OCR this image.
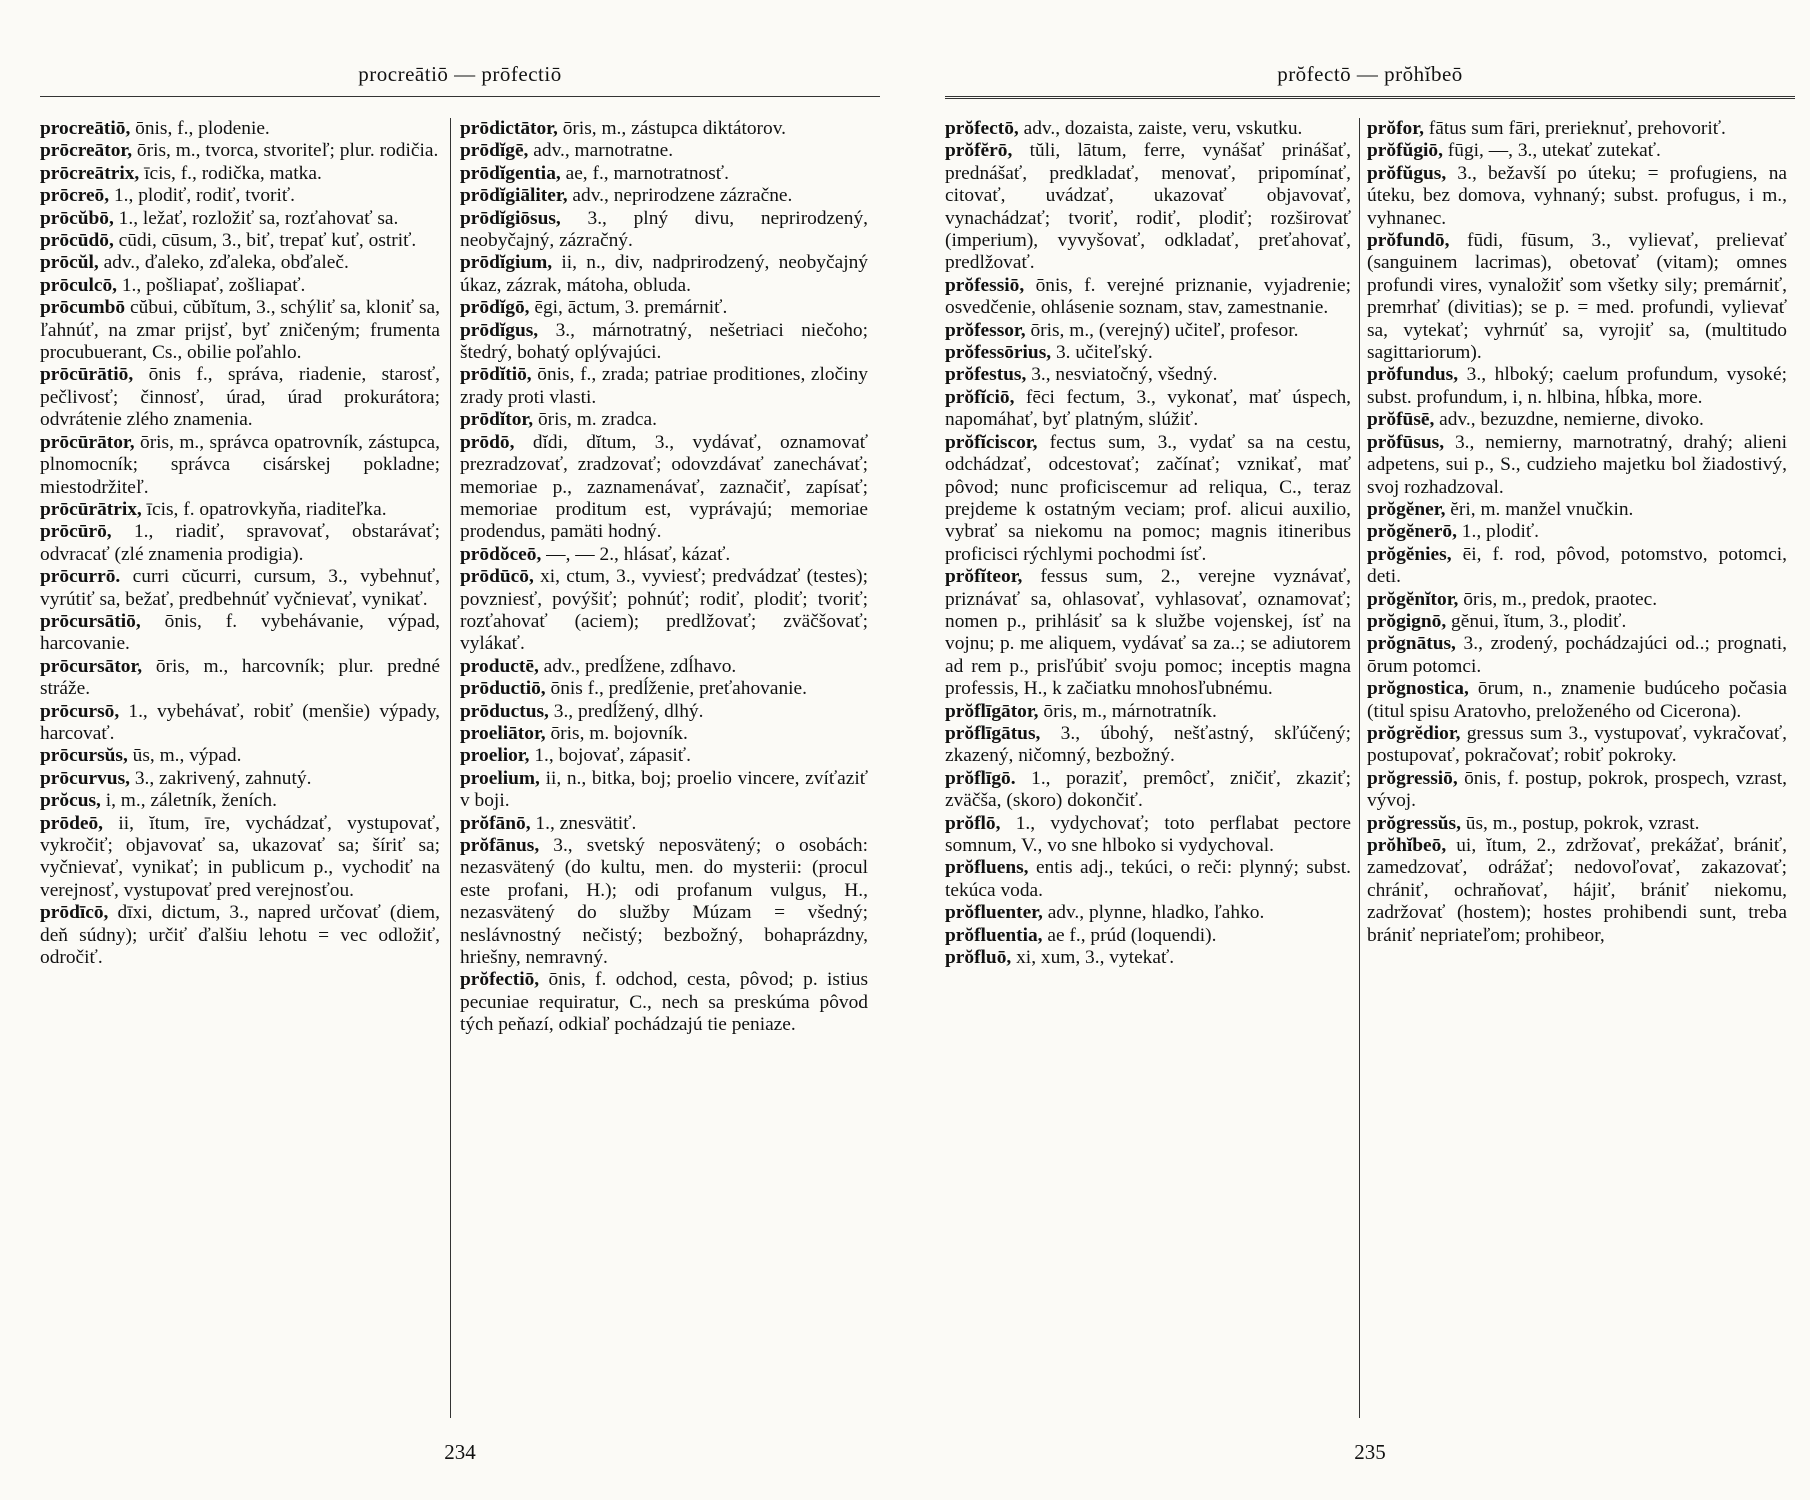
procreātiō — prōfectiō

procreātiō, ōnis, f., plodenie.

prōcreātor, ōris, m., tvorca, stvoriteľ; plur. rodičia.

prōcreātrix, īcis, f., rodička, matka.

prōcreō, 1., plodiť, rodiť, tvoriť.

prōcŭbō, 1., ležať, rozložiť sa, rozťahovať sa.

prōcūdō, cūdi, cūsum, 3., biť, trepať kuť, ostriť.

prōcŭl, adv., ďaleko, zďaleka, obďaleč.

prōculcō, 1., pošliapať, zošliapať.

prōcumbō cŭbui, cŭbĭtum, 3., schýliť sa, kloniť sa, ľahnúť, na zmar prijsť, byť zničeným; frumenta procubuerant, Cs., obilie poľahlo.

prōcūrātiō, ōnis f., správa, riadenie, starosť, pečlivosť; činnosť, úrad, úrad prokurátora; odvrátenie zlého znamenia.

prōcūrātor, ōris, m., správca opatrovník, zástupca, plnomocník; správca cisárskej pokladne; miestodržiteľ.

prōcūrātrix, īcis, f. opatrovkyňa, riaditeľka.

prōcūrō, 1., riadiť, spravovať, obstarávať; odvracať (zlé znamenia prodigia).

prōcurrō. curri cŭcurri, cursum, 3., vybehnuť, vyrútiť sa, bežať, predbehnúť vyčnievať, vynikať.

prōcursātiō, ōnis, f. vybehávanie, výpad, harcovanie.

prōcursātor, ōris, m., harcovník; plur. predné stráže.

prōcursō, 1., vybehávať, robiť (menšie) výpady, harcovať.

prōcursŭs, ūs, m., výpad.

prōcurvus, 3., zakrivený, zahnutý.

prŏcus, i, m., záletník, ženích.

prōdeō, ii, ĭtum, īre, vychádzať, vystupovať, vykročiť; objavovať sa, ukazovať sa; šíriť sa; vyčnievať, vynikať; in publicum p., vychodiť na verejnosť, vystupovať pred verejnosťou.

prōdīcō, dīxi, dictum, 3., napred určovať (diem, deň súdny); určiť ďalšiu lehotu = vec odložiť, odročiť.

prōdictātor, ōris, m., zástupca diktátorov.

prōdĭgē, adv., marnotratne.

prōdĭgentia, ae, f., marnotratnosť.

prōdĭgiāliter, adv., neprirodzene zázračne.

prōdĭgiōsus, 3., plný divu, neprirodzený, neobyčajný, zázračný.

prōdĭgium, ii, n., div, nadprirodzený, neobyčajný úkaz, zázrak, mátoha, obluda.

prōdĭgō, ēgi, āctum, 3. premárniť.

prōdĭgus, 3., márnotratný, nešetriaci niečoho; štedrý, bohatý oplývajúci.

prōdĭtiō, ōnis, f., zrada; patriae proditiones, zločiny zrady proti vlasti.

prōdĭtor, ōris, m. zradca.

prōdō, dĭdi, dĭtum, 3., vydávať, oznamovať prezradzovať, zradzovať; odovzdávať zanechávať; memoriae p., zaznamenávať, zaznačiť, zapísať; memoriae proditum est, vyprávajú; memoriae prodendus, pamäti hodný.

prōdŏceō, —, — 2., hlásať, kázať.

prōdūcō, xi, ctum, 3., vyviesť; predvádzať (testes); povzniesť, povýšiť; pohnúť; rodiť, plodiť; tvoriť; rozťahovať (aciem); predlžovať; zväčšovať; vylákať.

productē, adv., predĺžene, zdĺhavo.

prōductiō, ōnis f., predĺženie, preťahovanie.

prōductus, 3., predĺžený, dlhý.

proeliātor, ōris, m. bojovník.

proelior, 1., bojovať, zápasiť.

proelium, ii, n., bitka, boj; proelio vincere, zvíťaziť v boji.

prŏfānō, 1., znesvätiť.

prŏfānus, 3., svetský neposvätený; o osobách: nezasvätený (do kultu, men. do mysterii: (procul este profani, H.); odi profanum vulgus, H., nezasvätený do služby Múzam = všedný; neslávnostný nečistý; bezbožný, bohaprázdny, hriešny, nemravný.

prŏfectiō, ōnis, f. odchod, cesta, pôvod; p. istius pecuniae requiratur, C., nech sa preskúma pôvod tých peňazí, odkiaľ pochádzajú tie peniaze.

234
prŏfectō — prŏhĭbeō

prŏfectō, adv., dozaista, zaiste, veru, vskutku.

prŏfĕrō, tŭli, lātum, ferre, vynášať prinášať, prednášať, predkladať, menovať, pripomínať, citovať, uvádzať, ukazovať objavovať, vynachádzať; tvoriť, rodiť, plodiť; rozširovať (imperium), vyvyšovať, odkladať, preťahovať, predlžovať.

prŏfessiō, ōnis, f. verejné priznanie, vyjadrenie; osvedčenie, ohlásenie soznam, stav, zamestnanie.

prŏfessor, ōris, m., (verejný) učiteľ, profesor.

prŏfessōrius, 3. učiteľský.

prŏfestus, 3., nesviatočný, všedný.

prŏfĭciō, fēci fectum, 3., vykonať, mať úspech, napomáhať, byť platným, slúžiť.

prŏfĭciscor, fectus sum, 3., vydať sa na cestu, odchádzať, odcestovať; začínať; vznikať, mať pôvod; nunc proficiscemur ad reliqua, C., teraz prejdeme k ostatným veciam; prof. alicui auxilio, vybrať sa niekomu na pomoc; magnis itineribus proficisci rýchlymi pochodmi ísť.

prŏfĭteor, fessus sum, 2., verejne vyznávať, priznávať sa, ohlasovať, vyhlasovať, oznamovať; nomen p., prihlásiť sa k službe vojenskej, ísť na vojnu; p. me aliquem, vydávať sa za..; se adiutorem ad rem p., prisľúbiť svoju pomoc; inceptis magna professis, H., k začiatku mnohosľubnému.

prŏflīgātor, ōris, m., márnotratník.

prŏflīgātus, 3., úbohý, nešťastný, skľúčený; zkazený, ničomný, bezbožný.

prŏflīgō. 1., poraziť, premôcť, zničiť, zkaziť; zväčša, (skoro) dokončiť.

prŏflō, 1., vydychovať; toto perflabat pectore somnum, V., vo sne hlboko si vydychoval.

prŏfluens, entis adj., tekúci, o reči: plynný; subst. tekúca voda.

prŏfluenter, adv., plynne, hladko, ľahko.

prŏfluentia, ae f., prúd (loquendi).

prŏfluō, xi, xum, 3., vytekať.

prŏfor, fātus sum fāri, prerieknuť, prehovoriť.

prŏfŭgiō, fūgi, —, 3., utekať zutekať.

prŏfŭgus, 3., bežavší po úteku; = profugiens, na úteku, bez domova, vyhnaný; subst. profugus, i m., vyhnanec.

prŏfundō, fūdi, fūsum, 3., vylievať, prelievať (sanguinem lacrimas), obetovať (vitam); omnes profundi vires, vynaložiť som všetky sily; premárniť, premrhať (divitias); se p. = med. profundi, vylievať sa, vytekať; vyhrnúť sa, vyrojiť sa, (multitudo sagittariorum).

prŏfundus, 3., hlboký; caelum profundum, vysoké; subst. profundum, i, n. hlbina, hĺbka, more.

prŏfūsē, adv., bezuzdne, nemierne, divoko.

prŏfūsus, 3., nemierny, marnotratný, drahý; alieni adpetens, sui p., S., cudzieho majetku bol žiadostivý, svoj rozhadzoval.

prŏgĕner, ĕri, m. manžel vnučkin.

prŏgĕnerō, 1., plodiť.

prŏgĕnies, ēi, f. rod, pôvod, potomstvo, potomci, deti.

prŏgĕnĭtor, ōris, m., predok, praotec.

prŏgignō, gĕnui, ĭtum, 3., plodiť.

prŏgnātus, 3., zrodený, pochádzajúci od..; prognati, ōrum potomci.

prŏgnostica, ōrum, n., znamenie budúceho počasia (titul spisu Aratovho, preloženého od Cicerona).

prŏgrĕdior, gressus sum 3., vystupovať, vykračovať, postupovať, pokračovať; robiť pokroky.

prŏgressiō, ōnis, f. postup, pokrok, prospech, vzrast, vývoj.

prŏgressŭs, ūs, m., postup, pokrok, vzrast.

prŏhĭbeō, ui, ĭtum, 2., zdržovať, prekážať, brániť, zamedzovať, odrážať; nedovoľovať, zakazovať; chrániť, ochraňovať, hájiť, brániť niekomu, zadržovať (hostem); hostes prohibendi sunt, treba brániť nepriateľom; prohibeor,

235
